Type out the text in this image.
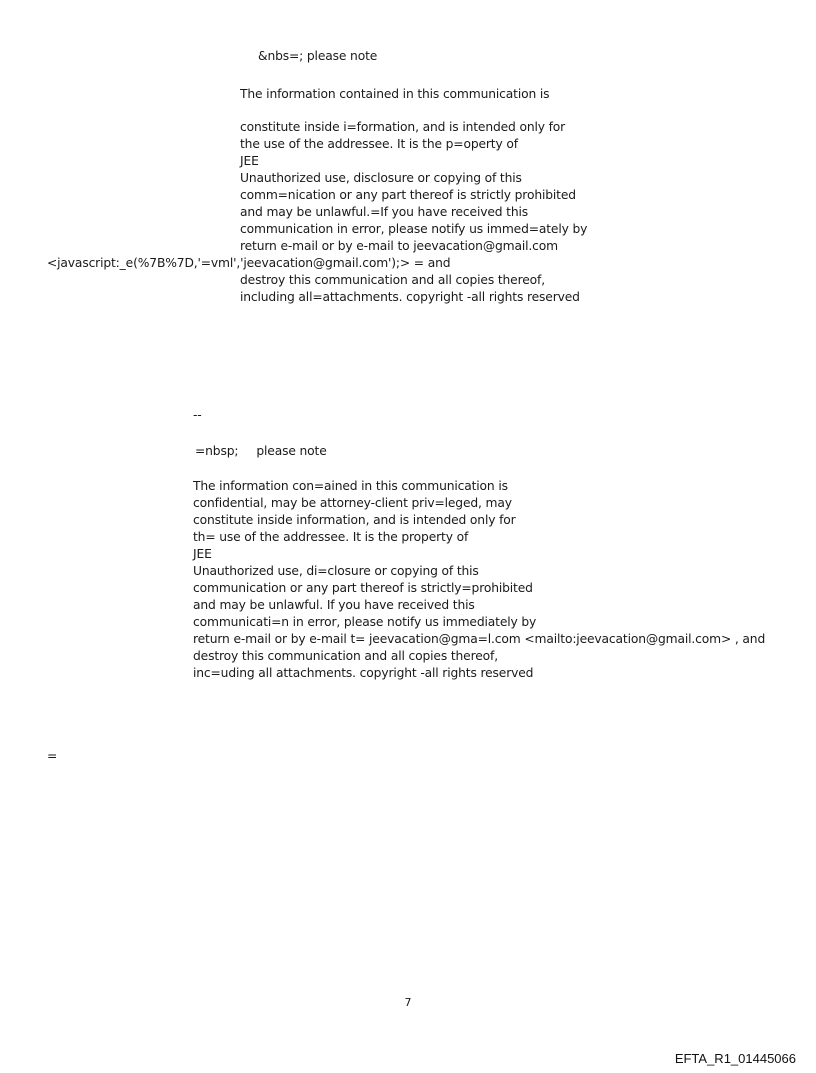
&nbs=; please note
The information contained in this communication is
constitute inside i=formation, and is intended only for
the use of the addressee. It is the p=operty of
JEE
Unauthorized use, disclosure or copying of this
comm=nication or any part thereof is strictly prohibited
and may be unlawful.=If you have received this
communication in error, please notify us immed=ately by
return e-mail or by e-mail to jeevacation@gmail.com
<javascript:_e(%7B%7D,'=vml','jeevacation@gmail.com');> = and
destroy this communication and all copies thereof,
including all=attachments. copyright -all rights reserved
--
=nbsp; please note
The information con=ained in this communication is
confidential, may be attorney-client priv=leged, may
constitute inside information, and is intended only for
th= use of the addressee. It is the property of
JEE
Unauthorized use, di=closure or copying of this
communication or any part thereof is strictly=prohibited
and may be unlawful. If you have received this
communicati=n in error, please notify us immediately by
return e-mail or by e-mail t= jeevacation@gma=l.com <mailto:jeevacation@gmail.com> , and
destroy this communication and all copies thereof,
inc=uding all attachments. copyright -all rights reserved
=
7
EFTA_R1_01445066
